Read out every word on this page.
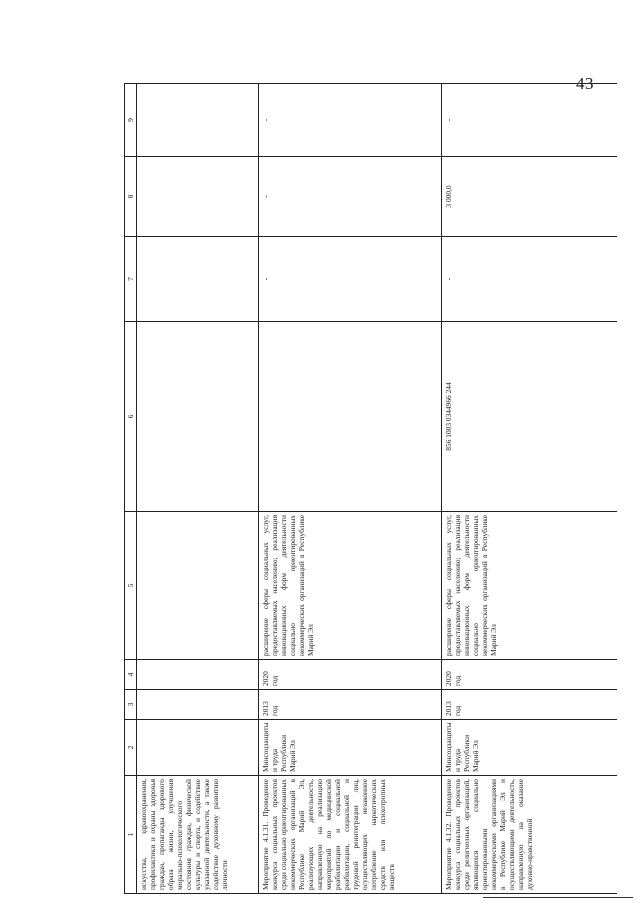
43
1	2	3	4	5	6	7	8	9
искусства, здравоохранения, профилактики и охраны здоровья граждан, пропаганды здорового образа жизни, улучшения морально-психологического состояния граждан, физической культуры и спорта, и содействие указанной деятельности, а также содействие духовному развитию личности								
Мероприятие 4.1.31. Проведение конкурса социальных проектов среди социально ориентированных некоммерческих организаций в Республике Марий Эл, реализующих деятельность, направленную на реализацию мероприятий по медицинской реабилитации и социальной реабилитации, социальной и трудовой реинтеграции лиц, осуществляющих незаконное потребление наркотических средств или психотропных веществ	Минсоцзащиты и труда Республики Марий Эл	2013 год	2020 год	расширение сферы социальных услуг, предоставляемых населению; реализация инновационных форм деятельности социально ориентированных некоммерческих организаций в Республике Марий Эл		-	-	-
Мероприятие 4.1.32. Проведение конкурса социальных проектов среди религиозных организаций, являющихся социально ориентированными некоммерческими организациями в Республике Марий Эл и осуществляющими деятельность, направленную на оказание духовно-нравственной	Минсоцзащиты и труда Республики Марий Эл	2013 год	2020 год	расширение сферы социальных услуг, предоставляемых населению; реализация инновационных форм деятельности социально ориентированных некоммерческих организаций в Республике Марий Эл	856 1003 0344966 244	-	3 000,0	-
